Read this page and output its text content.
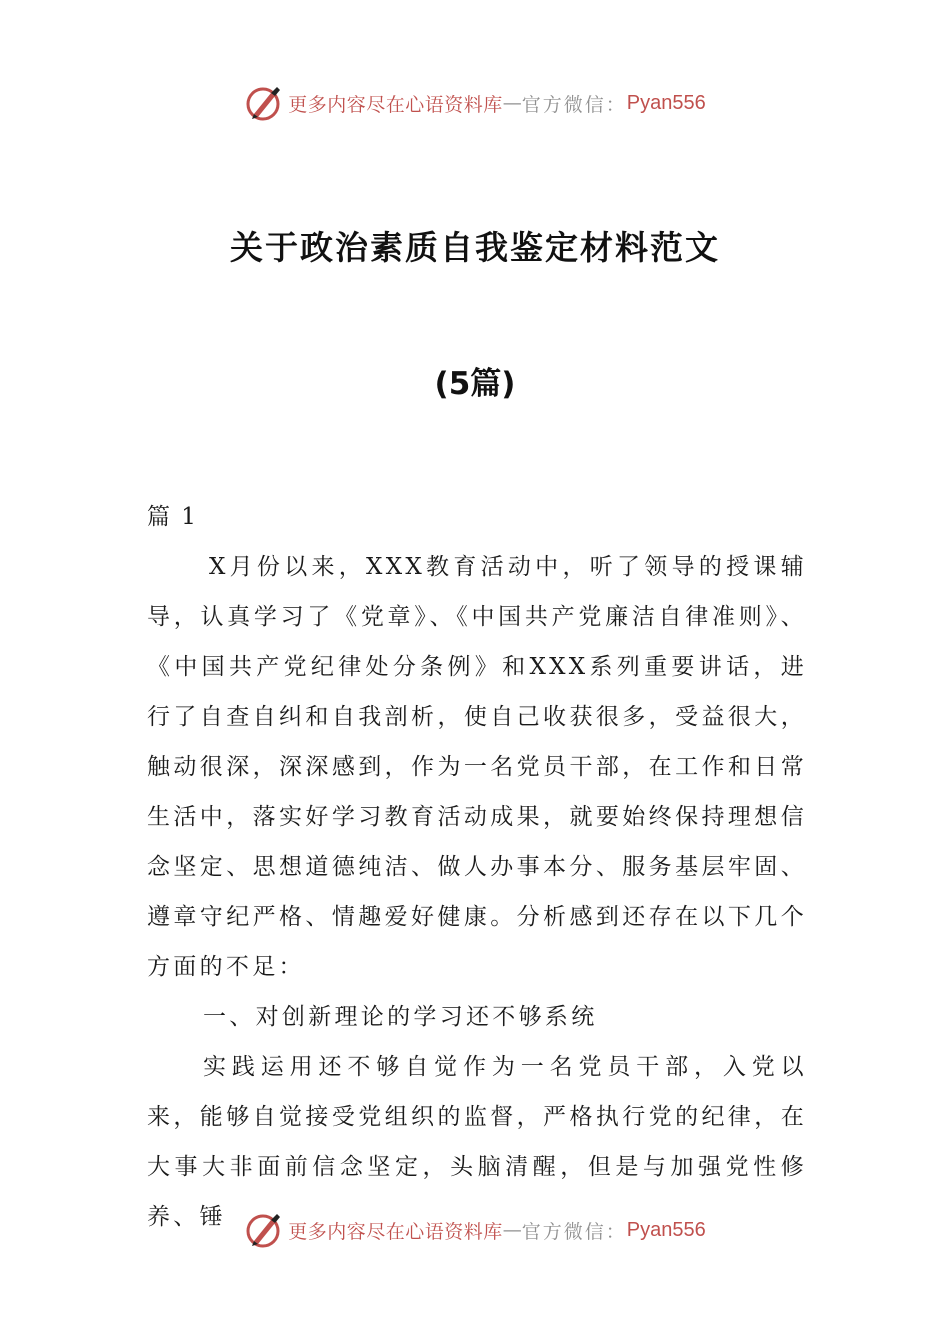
更多内容尽在心语资料库 — 官方微信： Pyan556
关于政治素质自我鉴定材料范文
(5篇)

篇 1

X月份以来，XXX教育活动中，听了领导的授课辅导，认真学习了《党章》、《中国共产党廉洁自律准则》、《中国共产党纪律处分条例》和XXX系列重要讲话，进行了自查自纠和自我剖析，使自己收获很多，受益很大，触动很深，深深感到，作为一名党员干部，在工作和日常生活中，落实好学习教育活动成果，就要始终保持理想信念坚定、思想道德纯洁、做人办事本分、服务基层牢固、遵章守纪严格、情趣爱好健康。分析感到还存在以下几个方面的不足：

一、对创新理论的学习还不够系统

实践运用还不够自觉作为一名党员干部，入党以来，能够自觉接受党组织的监督，严格执行党的纪律，在大事大非面前信念坚定，头脑清醒，但是与加强党性修养、锤

更多内容尽在心语资料库 — 官方微信： Pyan556
